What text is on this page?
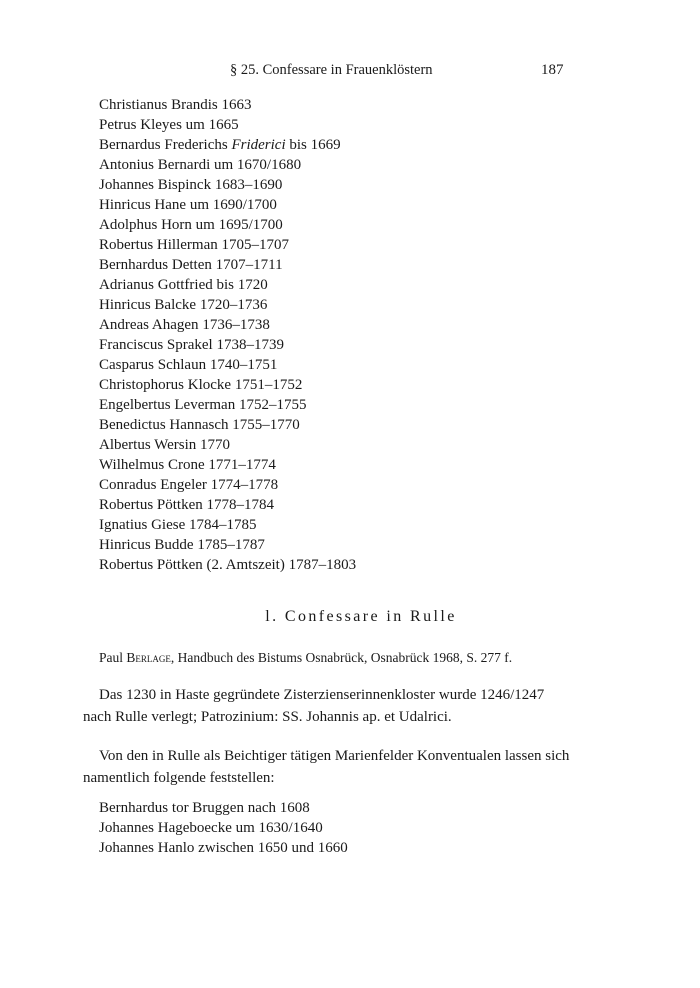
§ 25. Confessare in Frauenklöstern	187
Christianus Brandis 1663
Petrus Kleyes um 1665
Bernardus Frederichs Friderici bis 1669
Antonius Bernardi um 1670/1680
Johannes Bispinck 1683–1690
Hinricus Hane um 1690/1700
Adolphus Horn um 1695/1700
Robertus Hillerman 1705–1707
Bernhardus Detten 1707–1711
Adrianus Gottfried bis 1720
Hinricus Balcke 1720–1736
Andreas Ahagen 1736–1738
Franciscus Sprakel 1738–1739
Casparus Schlaun 1740–1751
Christophorus Klocke 1751–1752
Engelbertus Leverman 1752–1755
Benedictus Hannasch 1755–1770
Albertus Wersin 1770
Wilhelmus Crone 1771–1774
Conradus Engeler 1774–1778
Robertus Pöttken 1778–1784
Ignatius Giese 1784–1785
Hinricus Budde 1785–1787
Robertus Pöttken (2. Amtszeit) 1787–1803
l. Confessare in Rulle
Paul Berlage, Handbuch des Bistums Osnabrück, Osnabrück 1968, S. 277 f.

Das 1230 in Haste gegründete Zisterzienserinnenkloster wurde 1246/1247 nach Rulle verlegt; Patrozinium: SS. Johannis ap. et Udalrici.

Von den in Rulle als Beichtiger tätigen Marienfelder Konventualen lassen sich namentlich folgende feststellen:

Bernhardus tor Bruggen nach 1608
Johannes Hageboecke um 1630/1640
Johannes Hanlo zwischen 1650 und 1660
